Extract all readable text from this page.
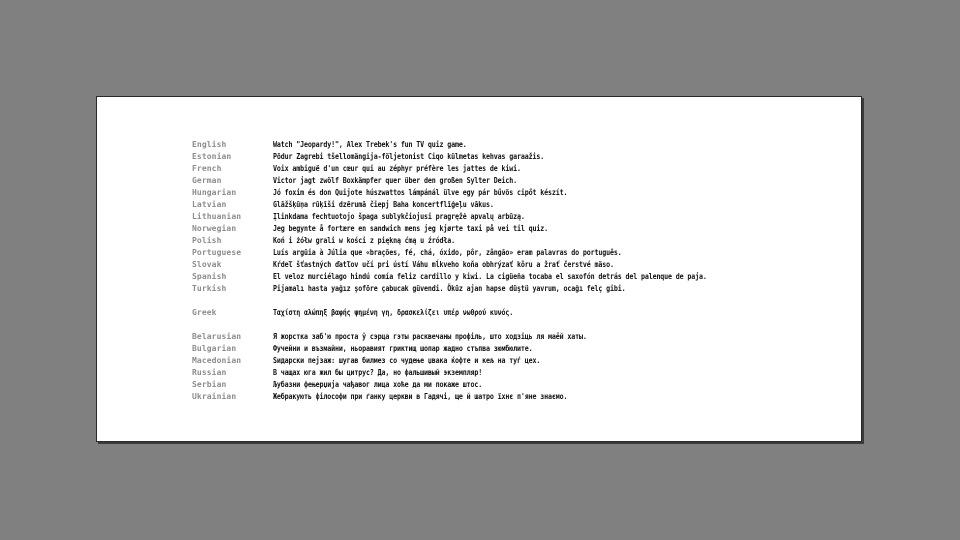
English	Watch "Jeopardy!", Alex Trebek's fun TV quiz game.
Estonian	Põdur Zagrebi tšellomängija-följetonist Ciqo külmetas kehvas garaažis.
French	Voix ambiguë d'un cœur qui au zéphyr préfère les jattes de kiwi.
German	Victor jagt zwölf Boxkämpfer quer über den großen Sylter Deich.
Hungarian	Jó foxim és don Quijote húszwattos lámpánál ülve egy pár bűvös cipőt készít.
Latvian	Glāžšķūņa rūķīši dzērumā čiepj Baha koncertflīģeļu vākus.
Lithuanian	Įlinkdama fechtuotojo špaga sublykčiojusi pragręžė apvalų arbūzą.
Norwegian	Jeg begynte å fortære en sandwich mens jeg kjørte taxi på vei til quiz.
Polish	Koń i żółw grali w kości z piękną ćmą u źródła.
Portuguese	Luís argüia à Júlia que «brações, fé, chá, óxido, pôr, zângão» eram palavras do português.
Slovak	Kŕdeľ šťastných ďatľov učí pri ústí Váhu mĺkveho koňa obhrýzať kôru a žrať čerstvé mäso.
Spanish	El veloz murciélago hindú comía feliz cardillo y kiwi. La cigüeña tocaba el saxofón detrás del palenque de paja.
Turkish	Pijamalı hasta yağız şoföre çabucak güvendi. Öküz ajan hapse düştü yavrum, ocağı felç gibi.
Greek	Ταχίστη αλώπηξ βαφής ψημένη γη, δρασκελίζει υπέρ νωθρού κυνός.
Belarusian	Я жорстка заб'ю проста ў сэрца гэты расквечаны профіль, што ходзіць ля маёй хаты.
Bulgarian	Фучейни и възмайни, ньоравият гриктищ шопар жадно стъпва зюмбюлите.
Macedonian	Ѕидарски пејзаж: шугав билмез со чудење џвака ќофте и кељ на туѓ цех.
Russian	В чащах юга жил бы цитрус? Да, но фальшивый экземпляр!
Serbian	Љубазни фењерџија чађавог лица хоће да ми покаже штос.
Ukrainian	Жебракують філософи при ґанку церкви в Гадячі, ще й шатро їхнє п'яне знаємо.
